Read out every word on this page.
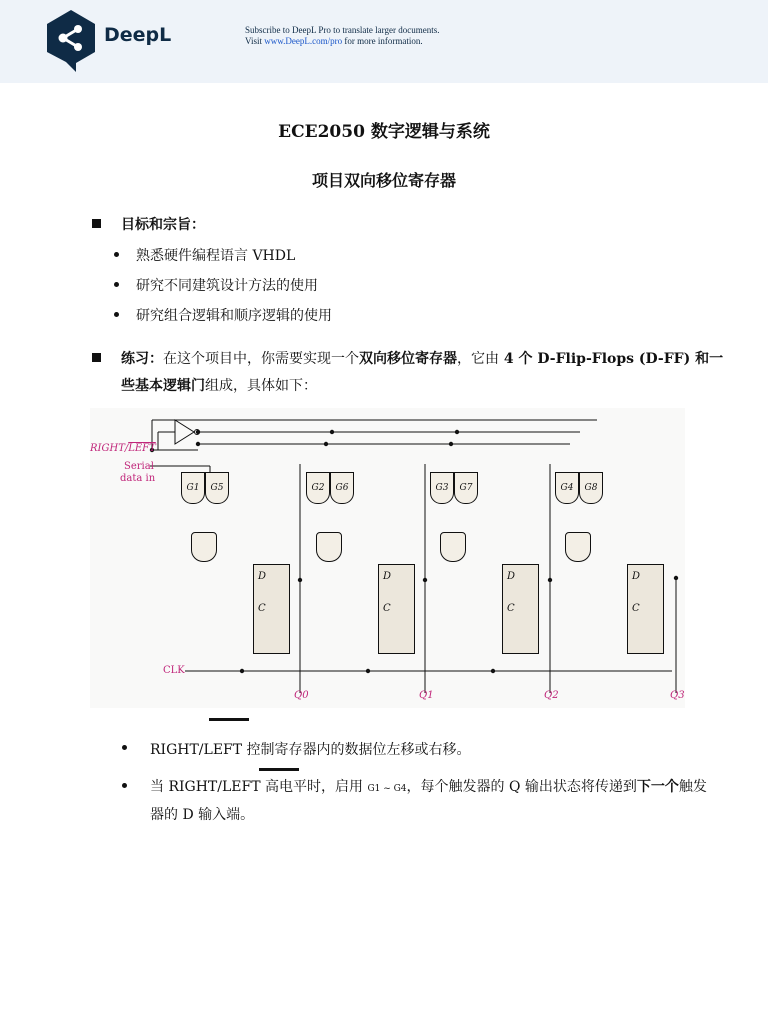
DeepL	Subscribe to DeepL Pro to translate larger documents.
Visit www.DeepL.com/pro for more information.
ECE2050 数字逻辑与系统
项目双向移位寄存器
目标和宗旨：
熟悉硬件编程语言 VHDL
研究不同建筑设计方法的使用
研究组合逻辑和顺序逻辑的使用
练习：在这个项目中，你需要实现一个双向移位寄存器，它由 4 个 D-Flip-Flops (D-FF) 和一
些基本逻辑门组成，具体如下：
RIGHT/LEFT
Serial
data in
CLK
G1	G5	G2	G6	G3	G7	G4	G8
D
C
D
C
D
C
D
C
Q0	Q1	Q2	Q3
RIGHT/LEFT 控制寄存器内的数据位左移或右移。
当 RIGHT/LEFT 高电平时，启用 G1 ~ G4，每个触发器的 Q 输出状态将传递到下一个触发
器的 D 输入端。
